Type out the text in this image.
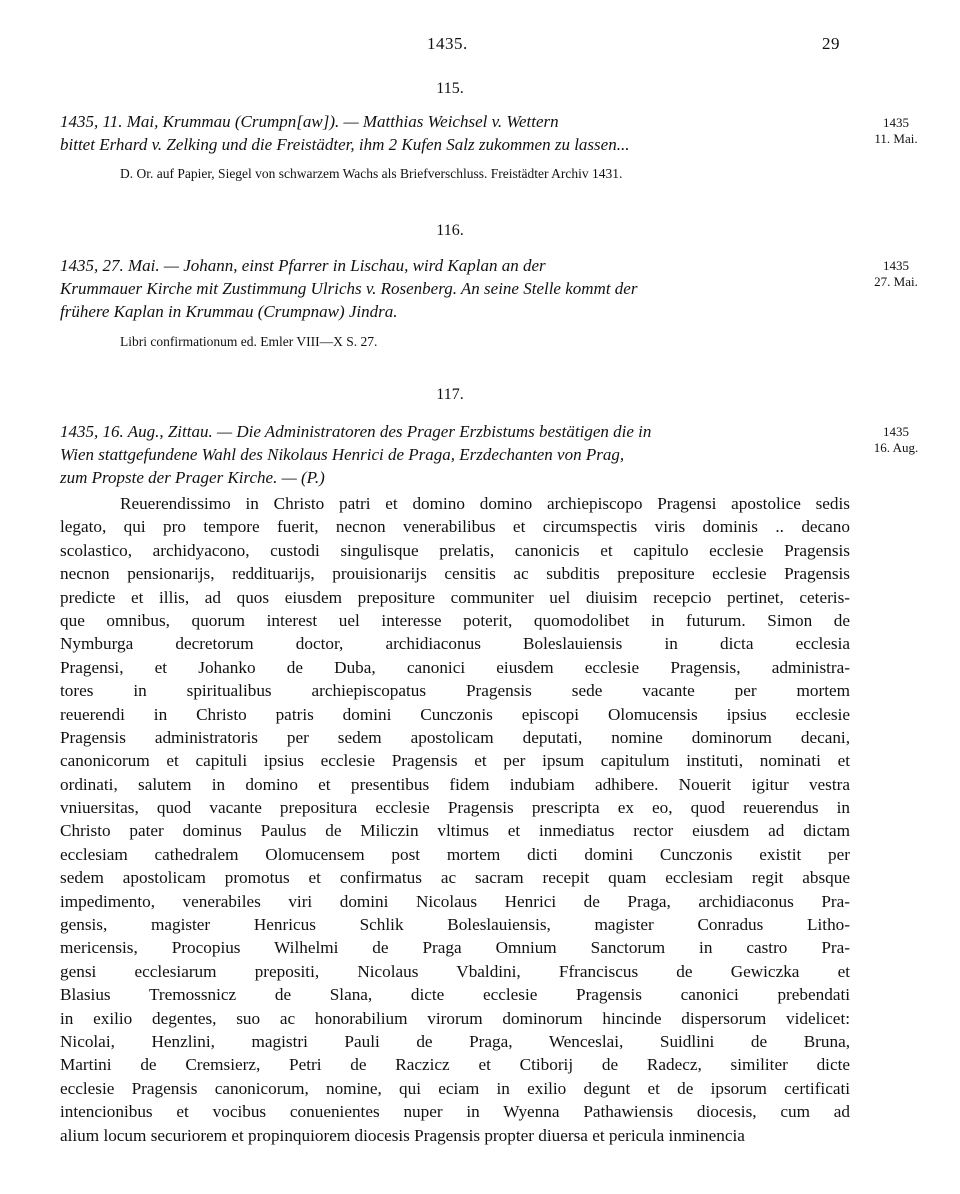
1435.	29
115.
1435, 11. Mai, Krummau (Crumpn[aw]). — Matthias Weichsel v. Wettern
bittet Erhard v. Zelking und die Freistädter, ihm 2 Kufen Salz zukommen zu lassen...
1435
11. Mai.
D. Or. auf Papier, Siegel von schwarzem Wachs als Briefverschluss. Freistädter Archiv 1431.
116.
1435, 27. Mai. — Johann, einst Pfarrer in Lischau, wird Kaplan an der
Krummauer Kirche mit Zustimmung Ulrichs v. Rosenberg. An seine Stelle kommt der
frühere Kaplan in Krummau (Crumpnaw) Jindra.
1435
27. Mai.
Libri confirmationum ed. Emler VIII—X S. 27.
117.
1435, 16. Aug., Zittau. — Die Administratoren des Prager Erzbistums bestätigen die in
Wien stattgefundene Wahl des Nikolaus Henrici de Praga, Erzdechanten von Prag,
zum Propste der Prager Kirche. — (P.)
1435
16. Aug.
Reuerendissimo in Christo patri et domino domino archiepiscopo Pragensi apostolice sedis
legato, qui pro tempore fuerit, necnon venerabilibus et circumspectis viris dominis .. decano
scolastico, archidyacono, custodi singulisque prelatis, canonicis et capitulo ecclesie Pragensis
necnon pensionarijs, reddituarijs, prouisionarijs censitis ac subditis prepositure ecclesie Pragensis
predicte et illis, ad quos eiusdem prepositure communiter uel diuisim recepcio pertinet, ceteris-
que omnibus, quorum interest uel interesse poterit, quomodolibet in futurum. Simon de
Nymburga decretorum doctor, archidiaconus Boleslauiensis in dicta ecclesia
Pragensi, et Johanko de Duba, canonici eiusdem ecclesie Pragensis, administra-
tores in spiritualibus archiepiscopatus Pragensis sede vacante per mortem
reuerendi in Christo patris domini Cunczonis episcopi Olomucensis ipsius ecclesie
Pragensis administratoris per sedem apostolicam deputati, nomine dominorum decani,
canonicorum et capituli ipsius ecclesie Pragensis et per ipsum capitulum instituti, nominati et
ordinati, salutem in domino et presentibus fidem indubiam adhibere. Nouerit igitur vestra
vniuersitas, quod vacante prepositura ecclesie Pragensis prescripta ex eo, quod reuerendus in
Christo pater dominus Paulus de Miliczin vltimus et inmediatus rector eiusdem ad dictam
ecclesiam cathedralem Olomucensem post mortem dicti domini Cunczonis existit per
sedem apostolicam promotus et confirmatus ac sacram recepit quam ecclesiam regit absque
impedimento, venerabiles viri domini Nicolaus Henrici de Praga, archidiaconus Pra-
gensis, magister Henricus Schlik Boleslauiensis, magister Conradus Litho-
mericensis, Procopius Wilhelmi de Praga Omnium Sanctorum in castro Pra-
gensi ecclesiarum prepositi, Nicolaus Vbaldini, Ffranciscus de Gewiczka et
Blasius Tremossnicz de Slana, dicte ecclesie Pragensis canonici prebendati
in exilio degentes, suo ac honorabilium virorum dominorum hincinde dispersorum videlicet:
Nicolai, Henzlini, magistri Pauli de Praga, Wenceslai, Suidlini de Bruna,
Martini de Cremsierz, Petri de Raczicz et Ctiborij de Radecz, similiter dicte
ecclesie Pragensis canonicorum, nomine, qui eciam in exilio degunt et de ipsorum certificati
intencionibus et vocibus conuenientes nuper in Wyenna Pathawiensis diocesis, cum ad
alium locum securiorem et propinquiorem diocesis Pragensis propter diuersa et pericula inminencia
